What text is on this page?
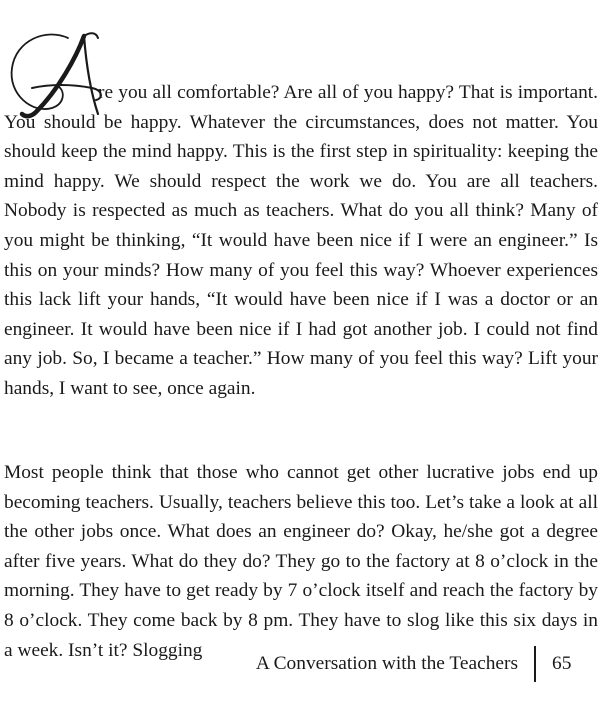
re you all comfortable? Are all of you happy? That is important. You should be happy. Whatever the circumstances, does not matter. You should keep the mind happy. This is the first step in spirituality: keeping the mind happy. We should respect the work we do. You are all teachers. Nobody is respected as much as teachers. What do you all think? Many of you might be thinking, “It would have been nice if I were an engineer.” Is this on your minds? How many of you feel this way? Whoever experiences this lack lift your hands, “It would have been nice if I was a doctor or an engineer. It would have been nice if I had got another job. I could not find any job. So, I became a teacher.” How many of you feel this way? Lift your hands, I want to see, once again.
Most people think that those who cannot get other lucrative jobs end up becoming teachers. Usually, teachers believe this too. Let’s take a look at all the other jobs once. What does an engineer do? Okay, he/she got a degree after five years. What do they do? They go to the factory at 8 o’clock in the morning. They have to get ready by 7 o’clock itself and reach the factory by 8 o’clock. They come back by 8 pm. They have to slog like this six days in a week. Isn’t it? Slogging
A Conversation with the Teachers 65
